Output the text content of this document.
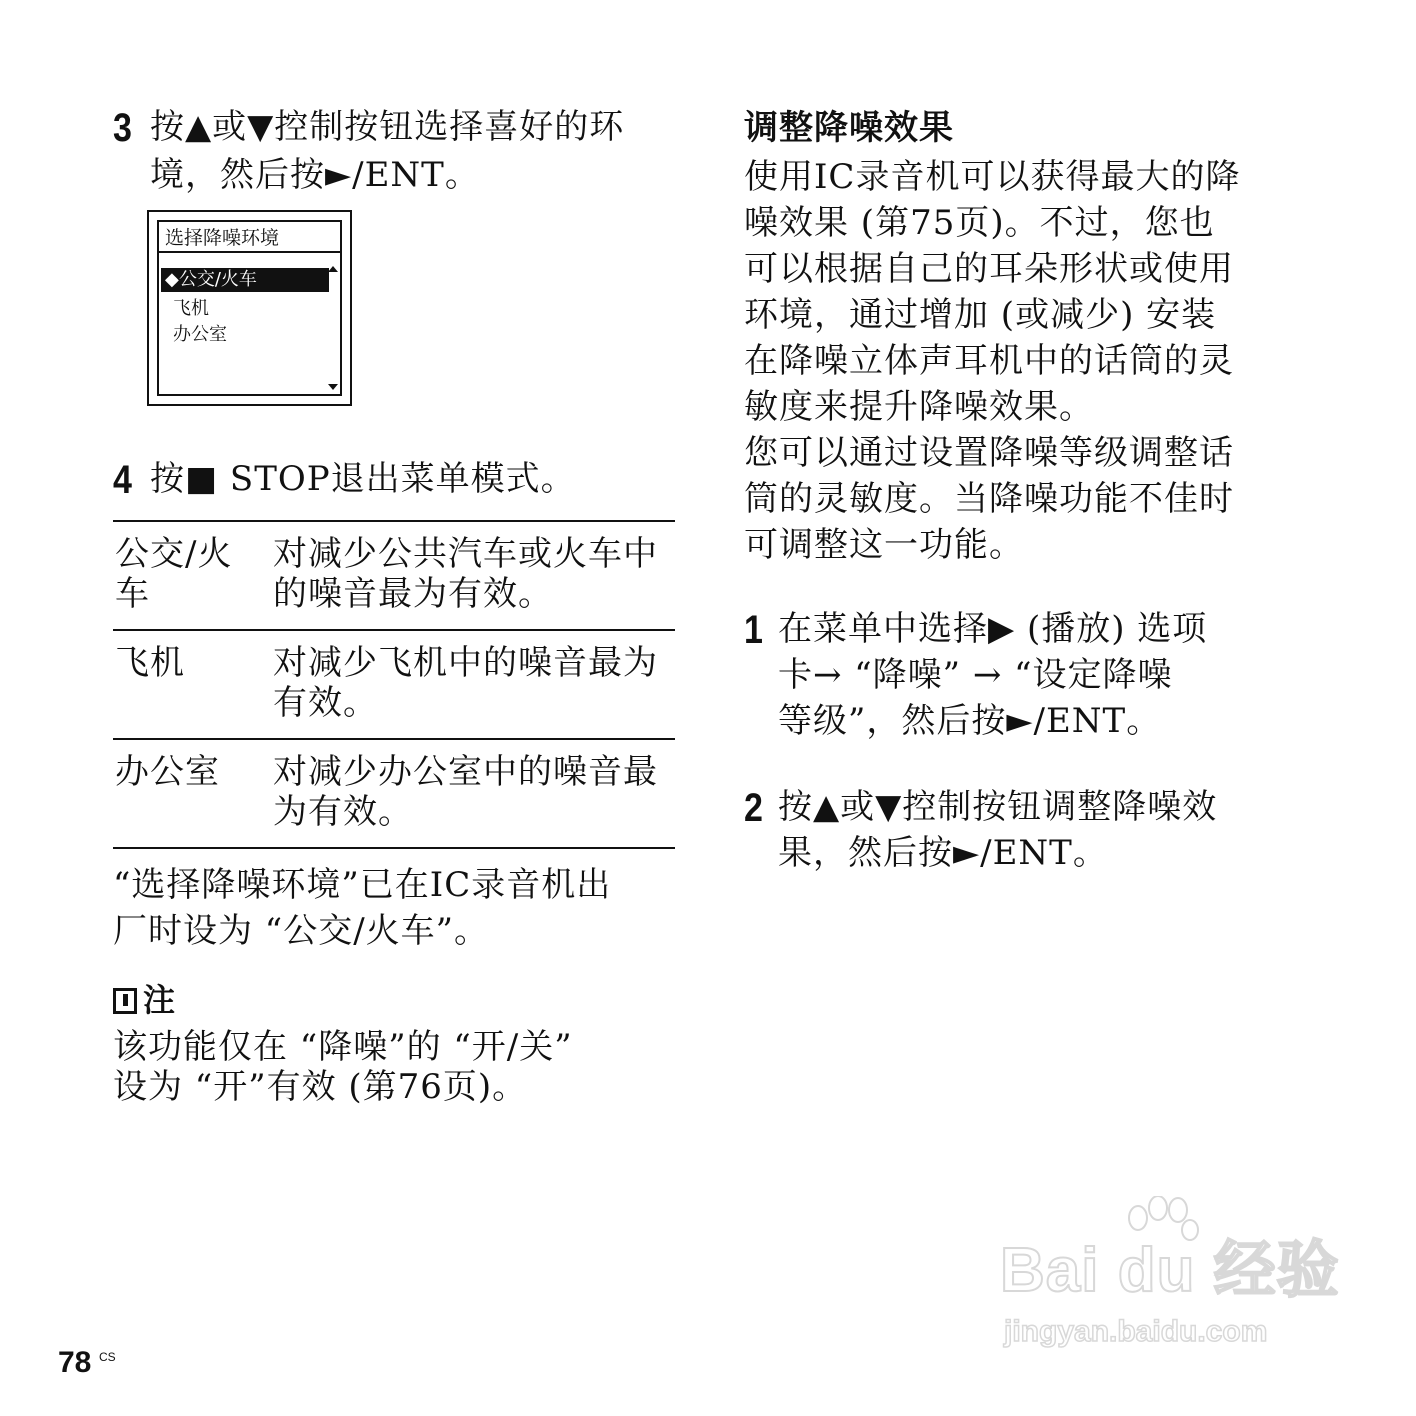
3 按▲或▼控制按钮选择喜好的环
境，然后按►/ENT。
选择降噪环境
◆公交/火车
飞机
办公室
4 按■ STOP退出菜单模式。
公交/火
车
对减少公共汽车或火车中
的噪音最为有效。
飞机	对减少飞机中的噪音最为
有效。
办公室	对减少办公室中的噪音最
为有效。
“选择降噪环境”已在IC录音机出
厂时设为 “公交/火车”。
注
该功能仅在 “降噪”的 “开/关”
设为 “开”有效 (第76页)。
调整降噪效果
使用IC录音机可以获得最大的降
噪效果 (第75页)。不过，您也
可以根据自己的耳朵形状或使用
环境，通过增加 (或减少) 安装
在降噪立体声耳机中的话筒的灵
敏度来提升降噪效果。
您可以通过设置降噪等级调整话
筒的灵敏度。当降噪功能不佳时
可调整这一功能。
1 在菜单中选择▶ (播放) 选项
卡→ “降噪” → “设定降噪
等级”，然后按►/ENT。
2 按▲或▼控制按钮调整降噪效
果，然后按►/ENT。
78 CS
Bai du 经验
jingyan.baidu.com
